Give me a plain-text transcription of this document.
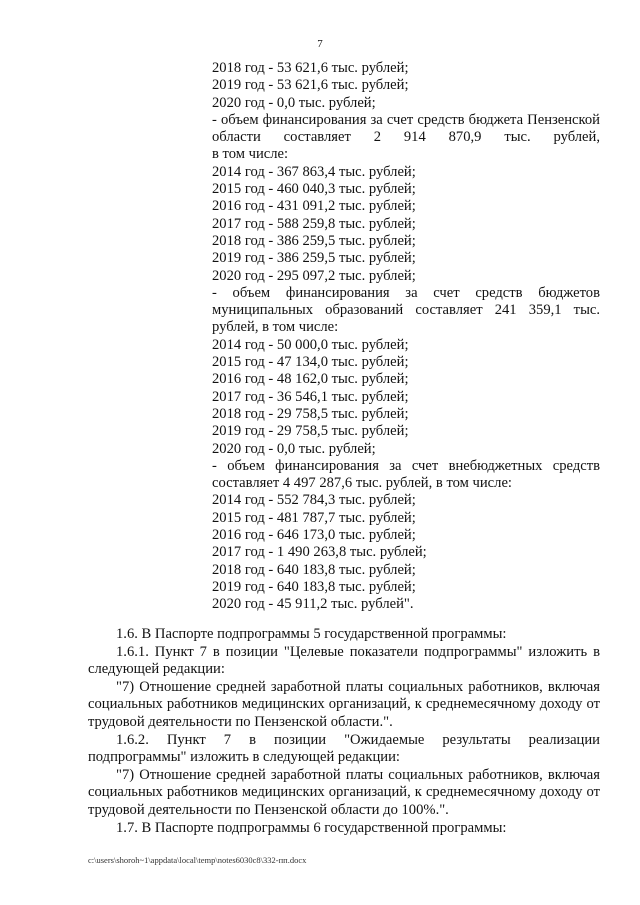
7
2018 год - 53 621,6 тыс. рублей;
2019 год - 53 621,6 тыс. рублей;
2020 год - 0,0 тыс. рублей;
- объем финансирования за счет средств бюджета Пензенской области составляет 2 914 870,9 тыс. рублей,
в том числе:
2014 год - 367 863,4 тыс. рублей;
2015 год - 460 040,3 тыс. рублей;
2016 год - 431 091,2 тыс. рублей;
2017 год - 588 259,8 тыс. рублей;
2018 год - 386 259,5 тыс. рублей;
2019 год - 386 259,5 тыс. рублей;
2020 год - 295 097,2 тыс. рублей;
- объем финансирования за счет средств бюджетов муниципальных образований составляет 241 359,1 тыс.
рублей, в том числе:
2014 год - 50 000,0 тыс. рублей;
2015 год - 47 134,0 тыс. рублей;
2016 год - 48 162,0 тыс. рублей;
2017 год - 36 546,1 тыс. рублей;
2018 год - 29 758,5 тыс. рублей;
2019 год - 29 758,5 тыс. рублей;
2020 год - 0,0 тыс. рублей;
- объем финансирования за счет внебюджетных средств
составляет 4 497 287,6 тыс. рублей, в том числе:
2014 год - 552 784,3 тыс. рублей;
2015 год - 481 787,7 тыс. рублей;
2016 год - 646 173,0 тыс. рублей;
2017 год - 1 490 263,8 тыс. рублей;
2018 год - 640 183,8 тыс. рублей;
2019 год - 640 183,8 тыс. рублей;
2020 год - 45 911,2 тыс. рублей".

1.6. В Паспорте подпрограммы 5 государственной программы:

1.6.1. Пункт 7 в позиции "Целевые показатели подпрограммы" изложить в следующей редакции:

"7) Отношение средней заработной платы социальных работников, включая социальных работников медицинских организаций, к среднемесячному доходу от трудовой деятельности по Пензенской области.".

1.6.2. Пункт 7 в позиции "Ожидаемые результаты реализации подпрограммы" изложить в следующей редакции:

"7) Отношение средней заработной платы социальных работников, включая социальных работников медицинских организаций, к среднемесячному доходу от трудовой деятельности по Пензенской области до 100%.".

1.7. В Паспорте подпрограммы 6 государственной программы:

c:\users\shoroh~1\appdata\local\temp\notes6030c8\332-пп.docx
